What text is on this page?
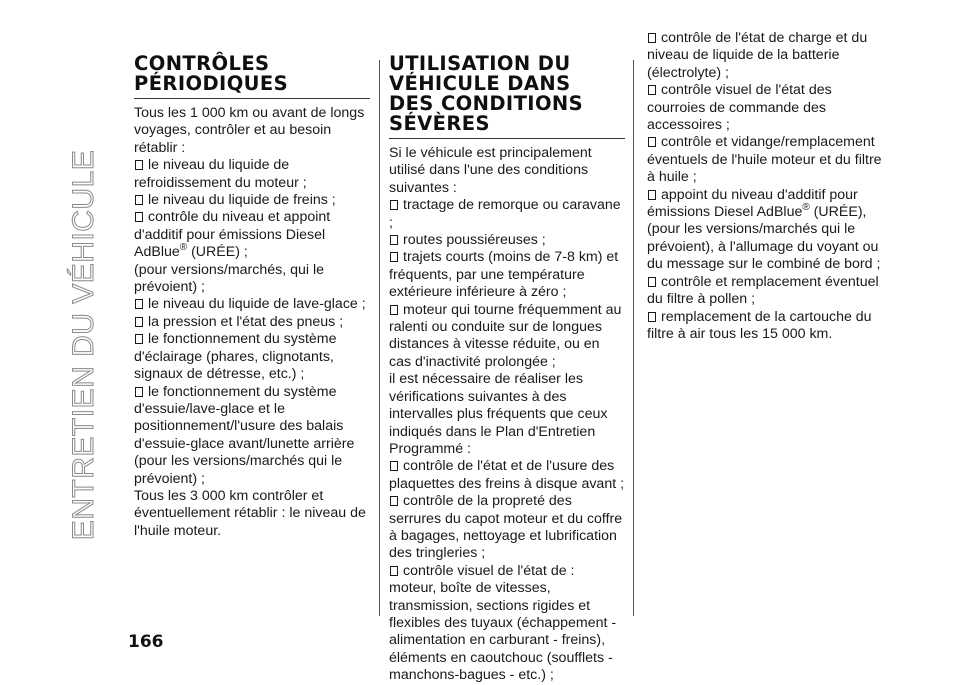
ENTRETIEN DU VÉHICULE
166
CONTRÔLES
PÉRIODIQUES

Tous les 1 000 km ou avant de longs voyages, contrôler et au besoin rétablir :

le niveau du liquide de refroidissement du moteur ;

le niveau du liquide de freins ;

contrôle du niveau et appoint d'additif pour émissions Diesel AdBlue® (URÉE) ;
(pour versions/marchés, qui le prévoient) ;

le niveau du liquide de lave-glace ;

la pression et l'état des pneus ;

le fonctionnement du système d'éclairage (phares, clignotants, signaux de détresse, etc.) ;

le fonctionnement du système d'essuie/lave-glace et le positionnement/l'usure des balais d'essuie-glace avant/lunette arrière (pour les versions/marchés qui le prévoient) ;

Tous les 3 000 km contrôler et éventuellement rétablir : le niveau de l'huile moteur.

UTILISATION DU
VÉHICULE DANS
DES CONDITIONS
SÉVÈRES

Si le véhicule est principalement utilisé dans l'une des conditions suivantes :

tractage de remorque ou caravane ;

routes poussiéreuses ;

trajets courts (moins de 7-8 km) et fréquents, par une température extérieure inférieure à zéro ;

moteur qui tourne fréquemment au ralenti ou conduite sur de longues distances à vitesse réduite, ou en cas d'inactivité prolongée ;

il est nécessaire de réaliser les vérifications suivantes à des intervalles plus fréquents que ceux indiqués dans le Plan d'Entretien Programmé :

contrôle de l'état et de l'usure des plaquettes des freins à disque avant ;

contrôle de la propreté des serrures du capot moteur et du coffre à bagages, nettoyage et lubrification des tringleries ;

contrôle visuel de l'état de : moteur, boîte de vitesses, transmission, sections rigides et flexibles des tuyaux (échappement - alimentation en carburant - freins), éléments en caoutchouc (soufflets - manchons-bagues - etc.) ;

contrôle de l'état de charge et du niveau de liquide de la batterie (électrolyte) ;

contrôle visuel de l'état des courroies de commande des accessoires ;

contrôle et vidange/remplacement éventuels de l'huile moteur et du filtre à huile ;

appoint du niveau d'additif pour émissions Diesel AdBlue® (URÉE), (pour les versions/marchés qui le prévoient), à l'allumage du voyant ou du message sur le combiné de bord ;

contrôle et remplacement éventuel du filtre à pollen ;

remplacement de la cartouche du filtre à air tous les 15 000 km.
